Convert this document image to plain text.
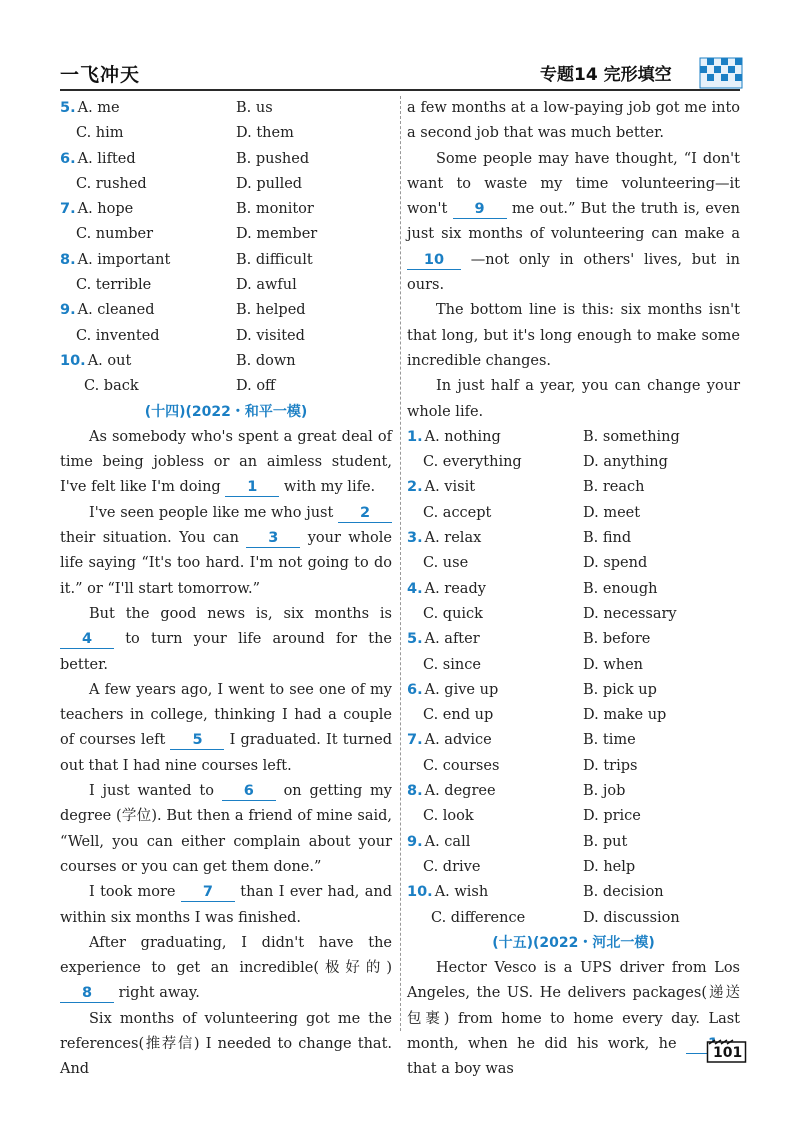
一飞冲天	专题14 完形填空
5. A. me	B. us
C. him	D. them
6. A. lifted	B. pushed
C. rushed	D. pulled
7. A. hope	B. monitor
C. number	D. member
8. A. important	B. difficult
C. terrible	D. awful
9. A. cleaned	B. helped
C. invented	D. visited
10. A. out	B. down
C. back	D. off
(十四)(2022・和平一模)

As somebody who's spent a great deal of time being jobless or an aimless student, I've felt like I'm doing 1 with my life.

I've seen people like me who just 2 their situation. You can 3 your whole life saying “It's too hard. I'm not going to do it.” or “I'll start tomorrow.”

But the good news is, six months is 4 to turn your life around for the better.

A few years ago, I went to see one of my teachers in college, thinking I had a couple of courses left 5 I graduated. It turned out that I had nine courses left.

I just wanted to 6 on getting my degree (学位). But then a friend of mine said, “Well, you can either complain about your courses or you can get them done.”

I took more 7 than I ever had, and within six months I was finished.

After graduating, I didn't have the experience to get an incredible(极好的) 8 right away.

Six months of volunteering got me the references(推荐信) I needed to change that. And

a few months at a low-paying job got me into a second job that was much better.

Some people may have thought, “I don't want to waste my time volunteering—it won't 9 me out.” But the truth is, even just six months of volunteering can make a 10 —not only in others' lives, but in ours.

The bottom line is this: six months isn't that long, but it's long enough to make some incredible changes.

In just half a year, you can change your whole life.

1. A. nothing	B. something
C. everything	D. anything
2. A. visit	B. reach
C. accept	D. meet
3. A. relax	B. find
C. use	D. spend
4. A. ready	B. enough
C. quick	D. necessary
5. A. after	B. before
C. since	D. when
6. A. give up	B. pick up
C. end up	D. make up
7. A. advice	B. time
C. courses	D. trips
8. A. degree	B. job
C. look	D. price
9. A. call	B. put
C. drive	D. help
10. A. wish	B. decision
C. difference	D. discussion
(十五)(2022・河北一模)

Hector Vesco is a UPS driver from Los Angeles, the US. He delivers packages(递送包裹) from home to home every day. Last month, when he did his work, he  that a boy was

101
